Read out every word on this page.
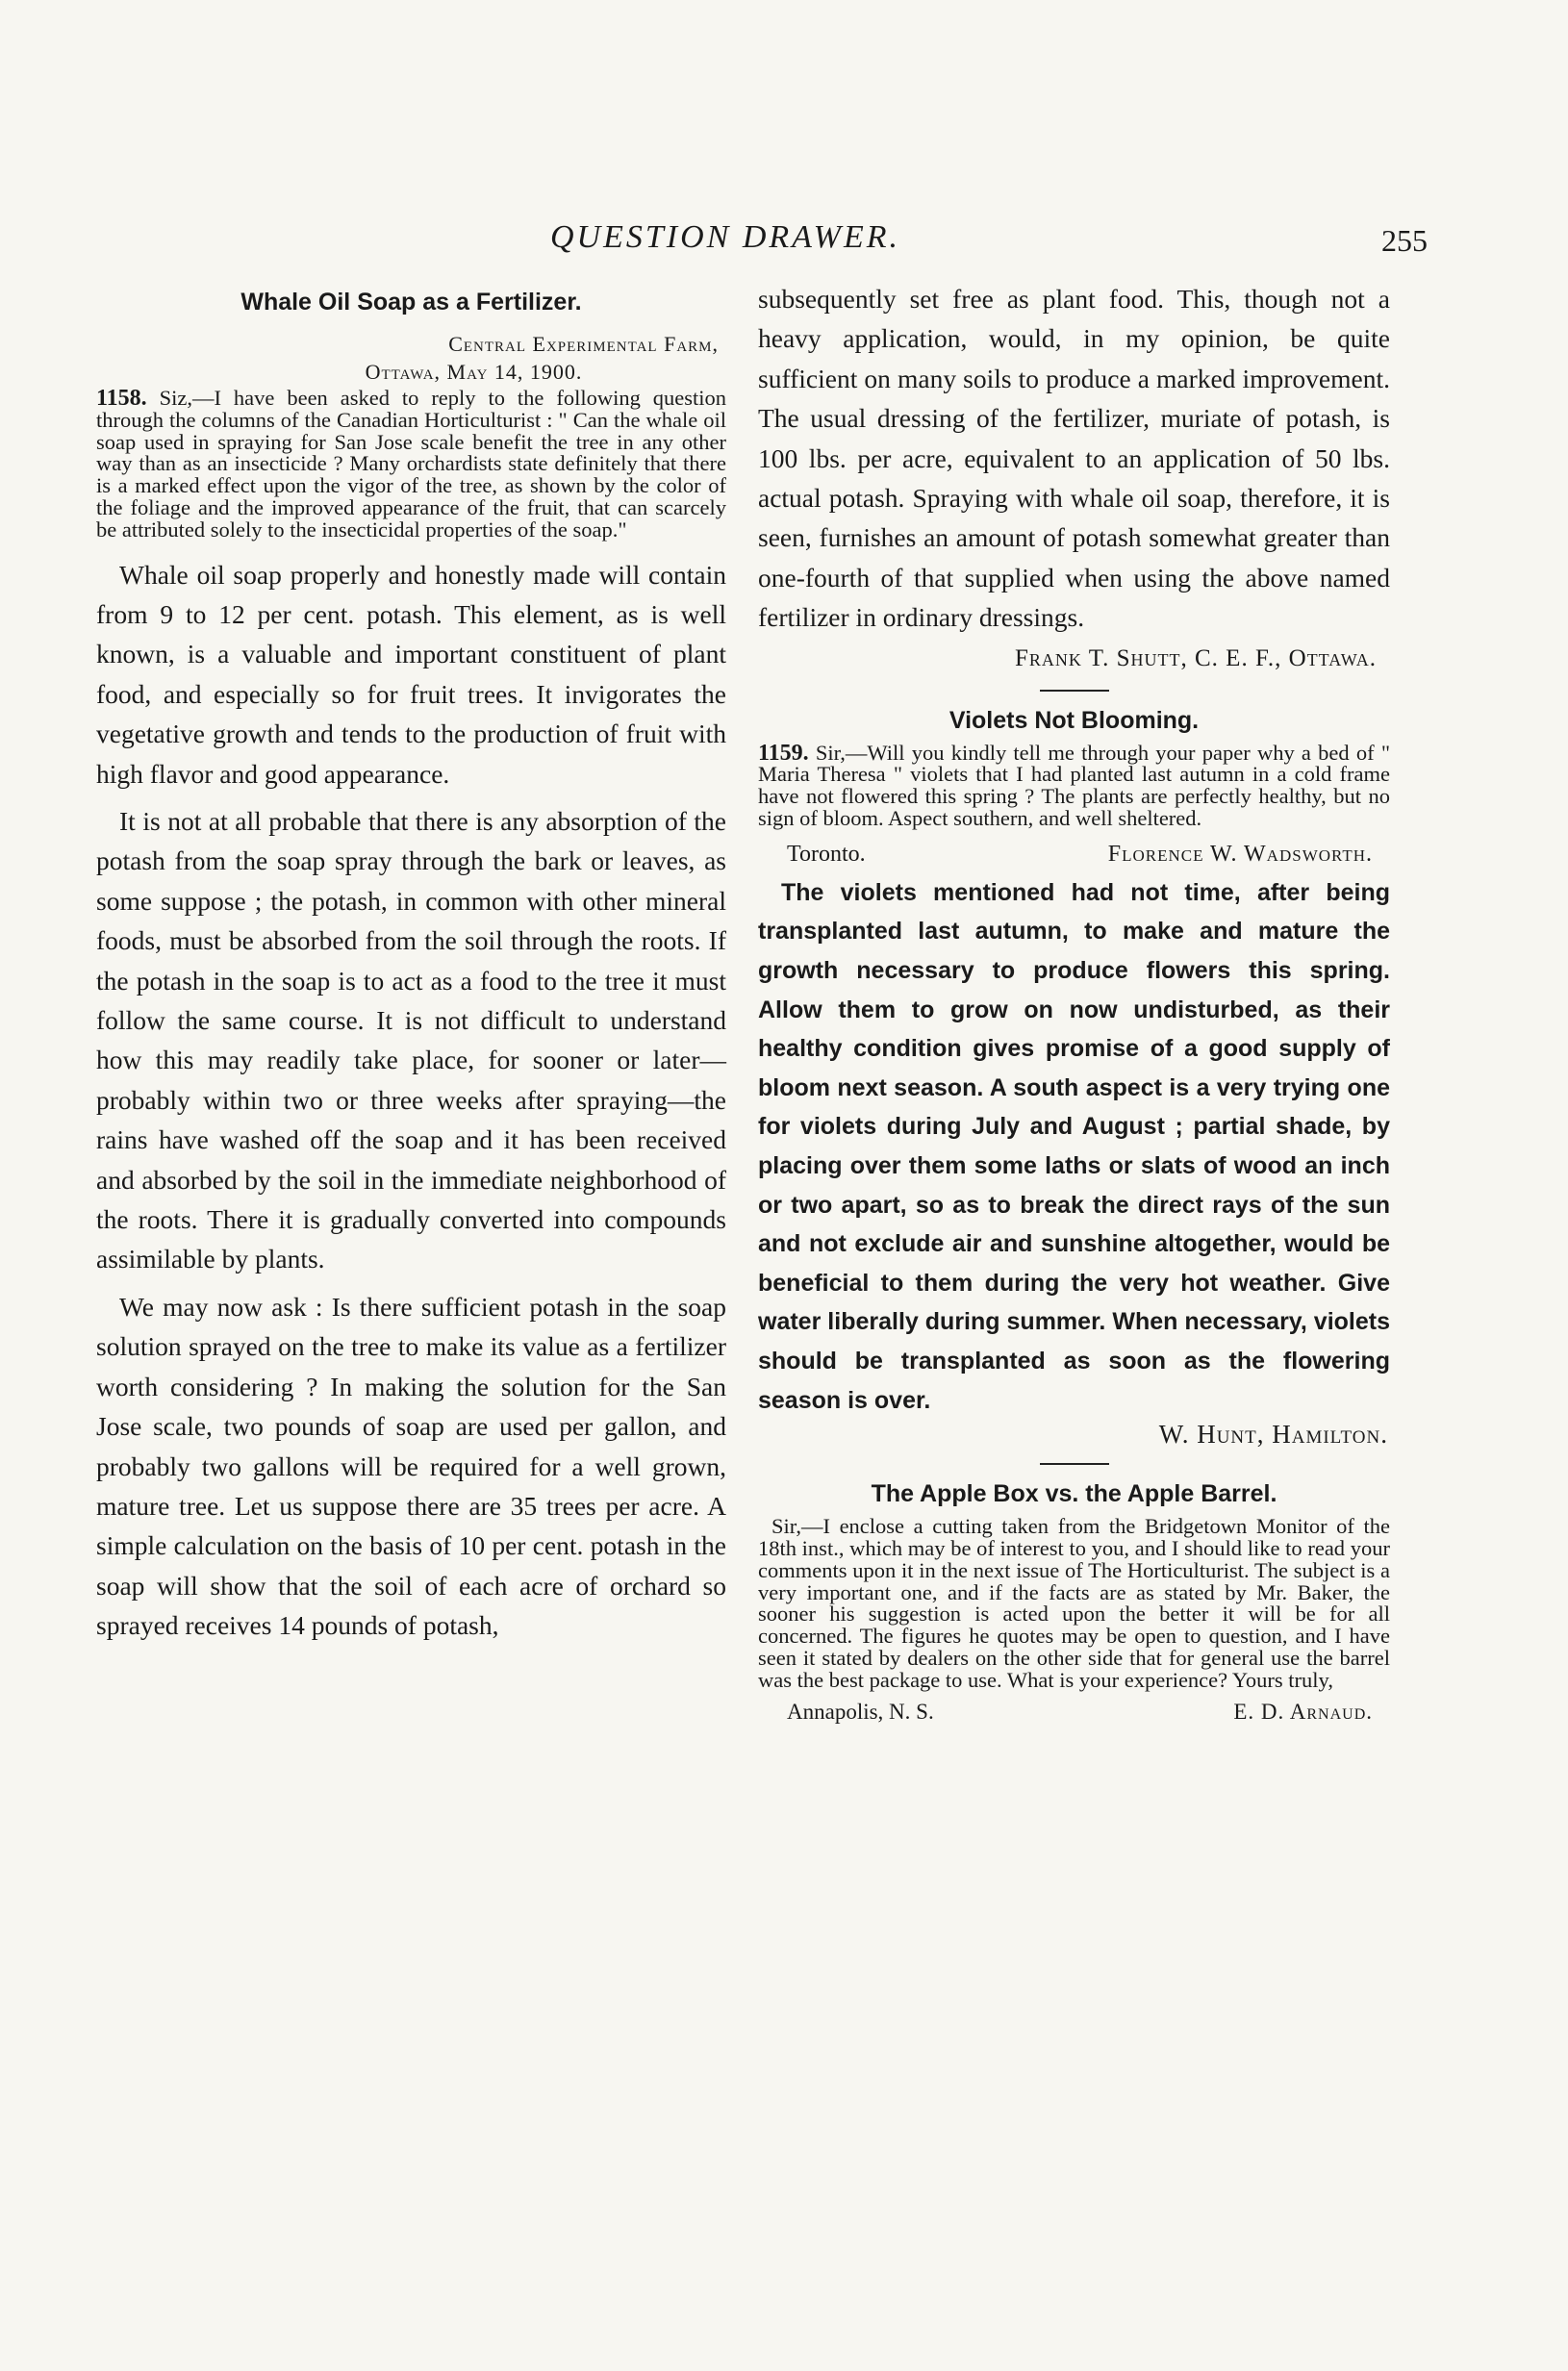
QUESTION DRAWER.	255

Whale Oil Soap as a Fertilizer.

Central Experimental Farm,

Ottawa, May 14, 1900.

1158. Siz,—I have been asked to reply to the following question through the columns of the Canadian Horticulturist : " Can the whale oil soap used in spraying for San Jose scale benefit the tree in any other way than as an insecticide ? Many orchardists state definitely that there is a marked effect upon the vigor of the tree, as shown by the color of the foliage and the improved appearance of the fruit, that can scarcely be attributed solely to the insecticidal properties of the soap."

Whale oil soap properly and honestly made will contain from 9 to 12 per cent. potash. This element, as is well known, is a valuable and important constituent of plant food, and especially so for fruit trees. It invigorates the vegetative growth and tends to the production of fruit with high flavor and good appearance.

It is not at all probable that there is any absorption of the potash from the soap spray through the bark or leaves, as some suppose ; the potash, in common with other mineral foods, must be absorbed from the soil through the roots. If the potash in the soap is to act as a food to the tree it must follow the same course. It is not difficult to understand how this may readily take place, for sooner or later—probably within two or three weeks after spraying—the rains have washed off the soap and it has been received and absorbed by the soil in the immediate neighborhood of the roots. There it is gradually converted into compounds assimilable by plants.

We may now ask : Is there sufficient potash in the soap solution sprayed on the tree to make its value as a fertilizer worth considering ? In making the solution for the San Jose scale, two pounds of soap are used per gallon, and probably two gallons will be required for a well grown, mature tree. Let us suppose there are 35 trees per acre. A simple calculation on the basis of 10 per cent. potash in the soap will show that the soil of each acre of orchard so sprayed receives 14 pounds of potash,

subsequently set free as plant food. This, though not a heavy application, would, in my opinion, be quite sufficient on many soils to produce a marked improvement. The usual dressing of the fertilizer, muriate of potash, is 100 lbs. per acre, equivalent to an application of 50 lbs. actual potash. Spraying with whale oil soap, therefore, it is seen, furnishes an amount of potash somewhat greater than one-fourth of that supplied when using the above named fertilizer in ordinary dressings.

Frank T. Shutt, C. E. F., Ottawa.

Violets Not Blooming.

1159. Sir,—Will you kindly tell me through your paper why a bed of " Maria Theresa " violets that I had planted last autumn in a cold frame have not flowered this spring ? The plants are perfectly healthy, but no sign of bloom. Aspect southern, and well sheltered.

Toronto.	Florence W. Wadsworth.

The violets mentioned had not time, after being transplanted last autumn, to make and mature the growth necessary to produce flowers this spring. Allow them to grow on now undisturbed, as their healthy condition gives promise of a good supply of bloom next season. A south aspect is a very trying one for violets during July and August ; partial shade, by placing over them some laths or slats of wood an inch or two apart, so as to break the direct rays of the sun and not exclude air and sunshine altogether, would be beneficial to them during the very hot weather. Give water liberally during summer. When necessary, violets should be transplanted as soon as the flowering season is over.

W. Hunt, Hamilton.

The Apple Box vs. the Apple Barrel.

Sir,—I enclose a cutting taken from the Bridgetown Monitor of the 18th inst., which may be of interest to you, and I should like to read your comments upon it in the next issue of The Horticulturist. The subject is a very important one, and if the facts are as stated by Mr. Baker, the sooner his suggestion is acted upon the better it will be for all concerned. The figures he quotes may be open to question, and I have seen it stated by dealers on the other side that for general use the barrel was the best package to use. What is your experience? Yours truly,

Annapolis, N. S.	E. D. Arnaud.
